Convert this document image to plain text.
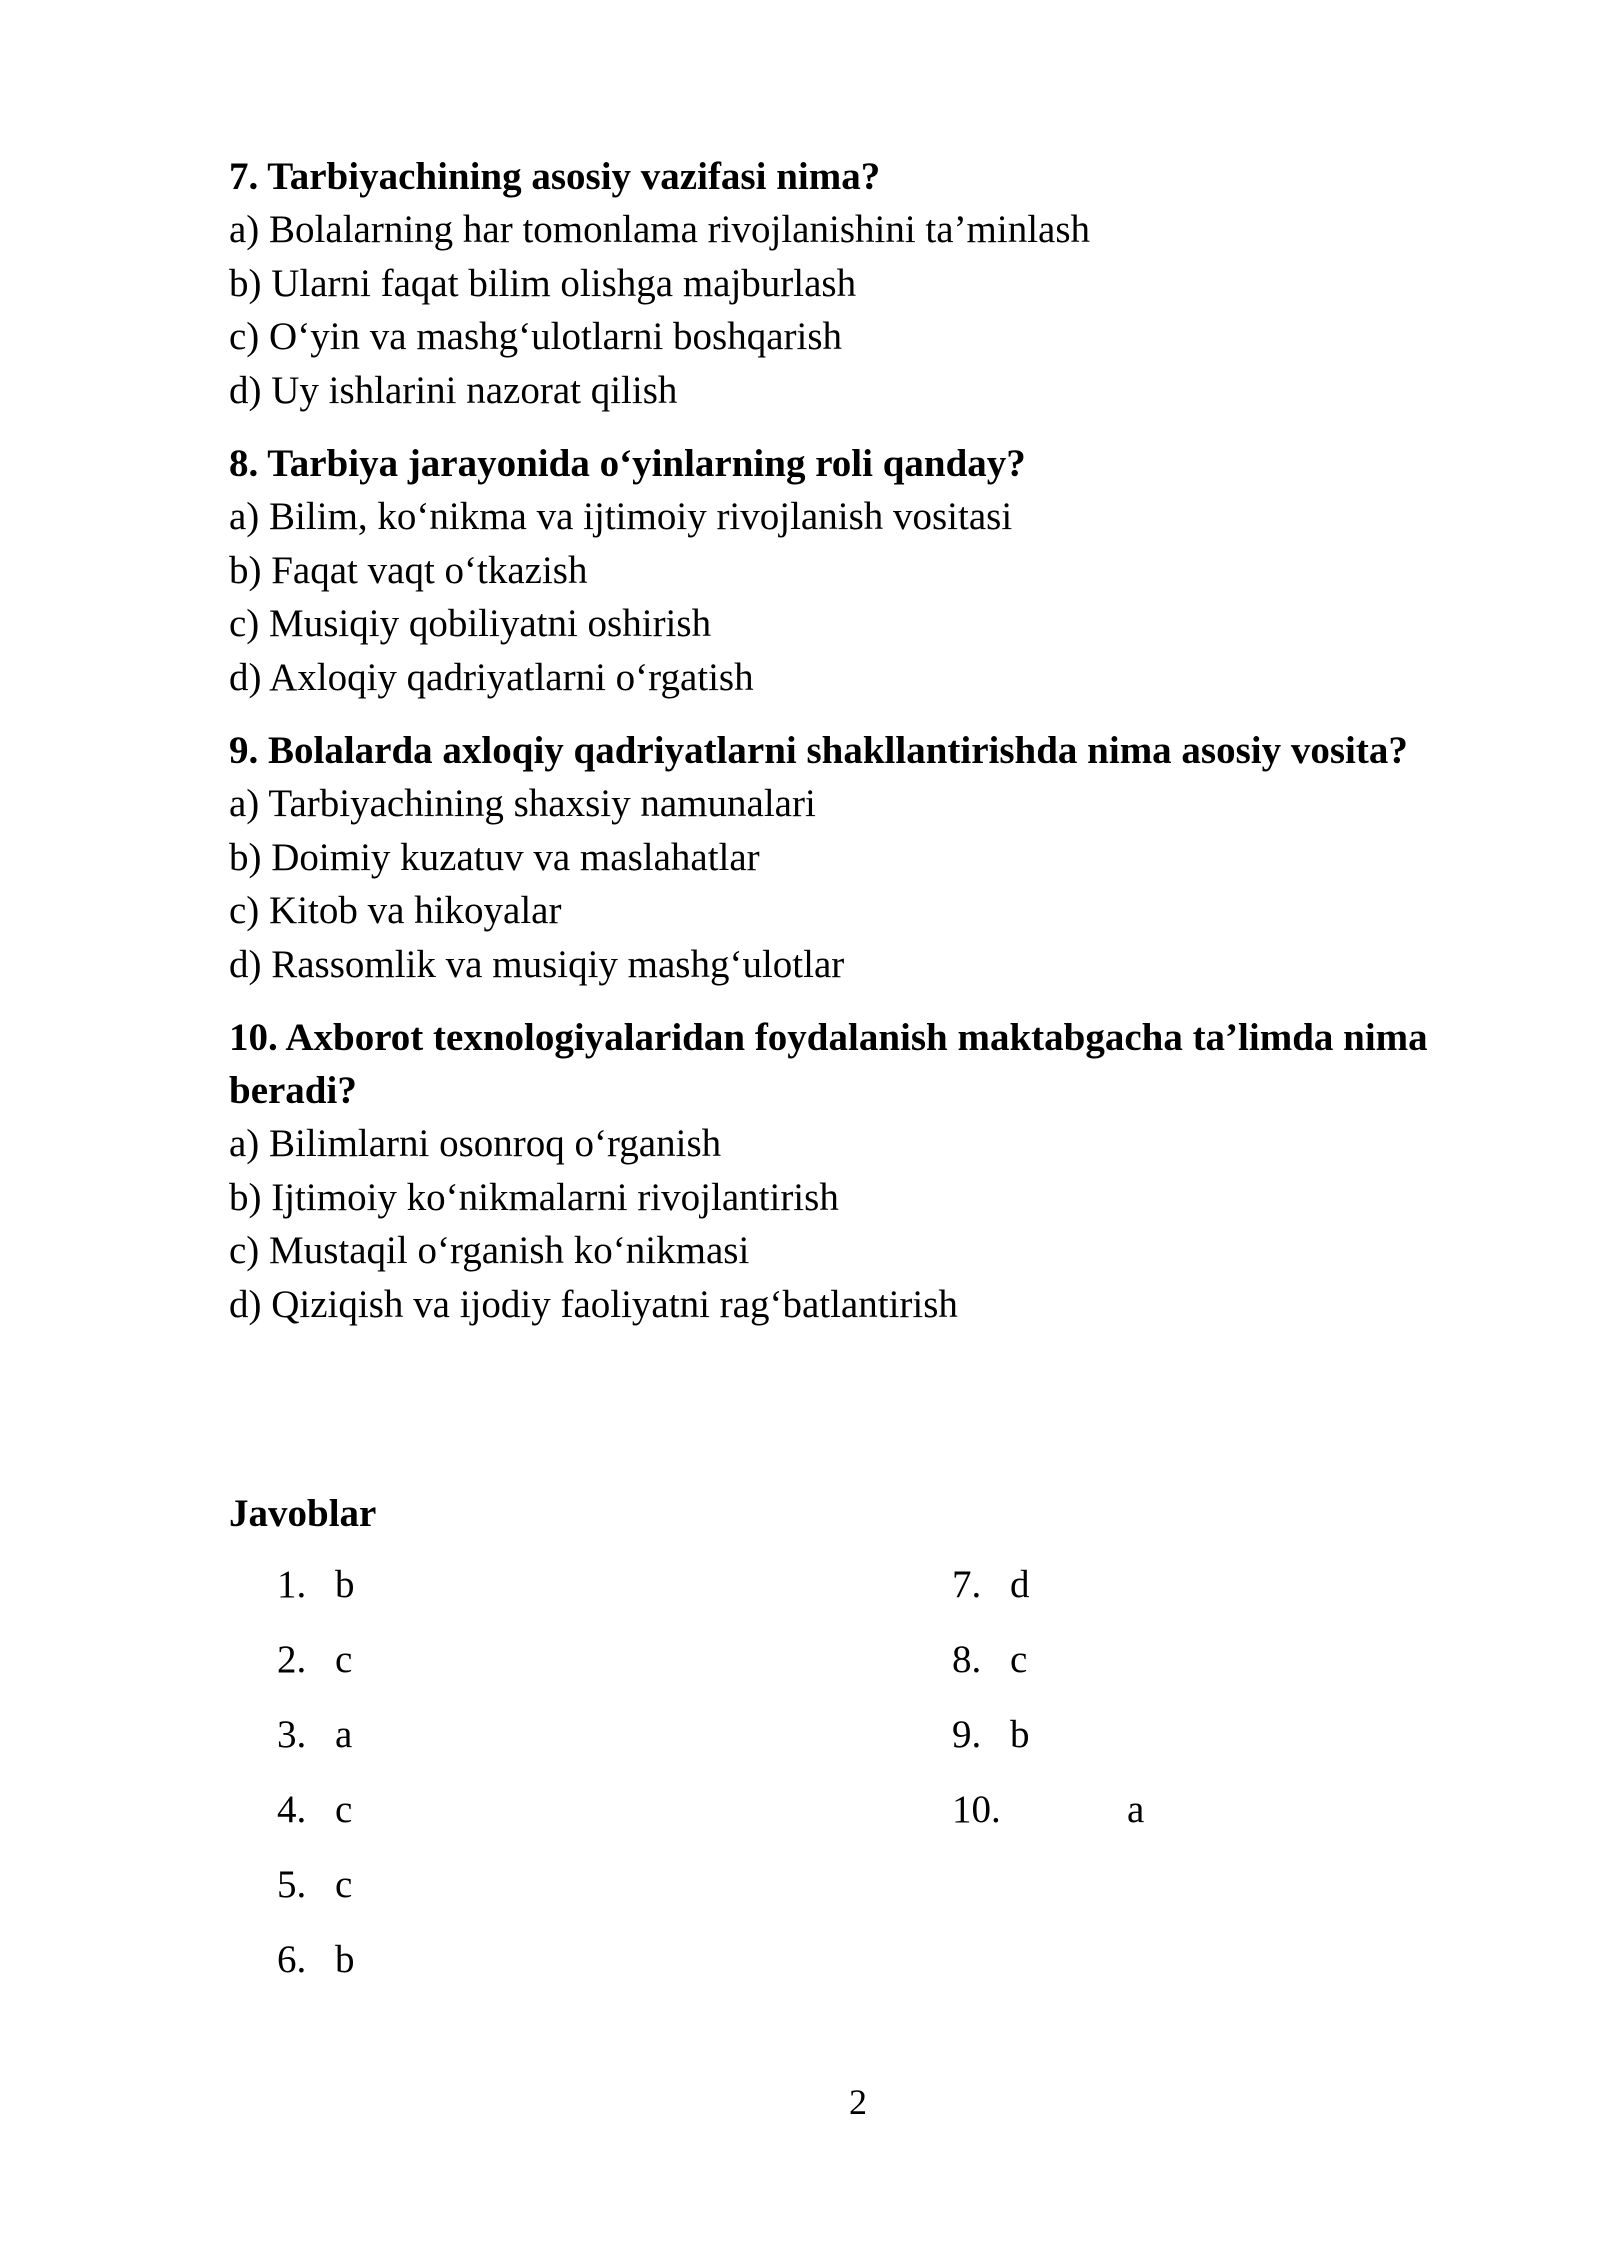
7. Tarbiyachining asosiy vazifasi nima?

a) Bolalarning har tomonlama rivojlanishini ta’minlash

b) Ularni faqat bilim olishga majburlash

c) O‘yin va mashg‘ulotlarni boshqarish

d) Uy ishlarini nazorat qilish

8. Tarbiya jarayonida o‘yinlarning roli qanday?

a) Bilim, ko‘nikma va ijtimoiy rivojlanish vositasi

b) Faqat vaqt o‘tkazish

c) Musiqiy qobiliyatni oshirish

d) Axloqiy qadriyatlarni o‘rgatish

9. Bolalarda axloqiy qadriyatlarni shakllantirishda nima asosiy vosita?

a) Tarbiyachining shaxsiy namunalari

b) Doimiy kuzatuv va maslahatlar

c) Kitob va hikoyalar

d) Rassomlik va musiqiy mashg‘ulotlar

10. Axborot texnologiyalaridan foydalanish maktabgacha ta’limda nima beradi?

a) Bilimlarni osonroq o‘rganish

b) Ijtimoiy ko‘nikmalarni rivojlantirish

c) Mustaqil o‘rganish ko‘nikmasi

d) Qiziqish va ijodiy faoliyatni rag‘batlantirish

Javoblar

1. b
2. c
3. a
4. c
5. c
6. b
7. d
8. c
9. b
10.	a
2
